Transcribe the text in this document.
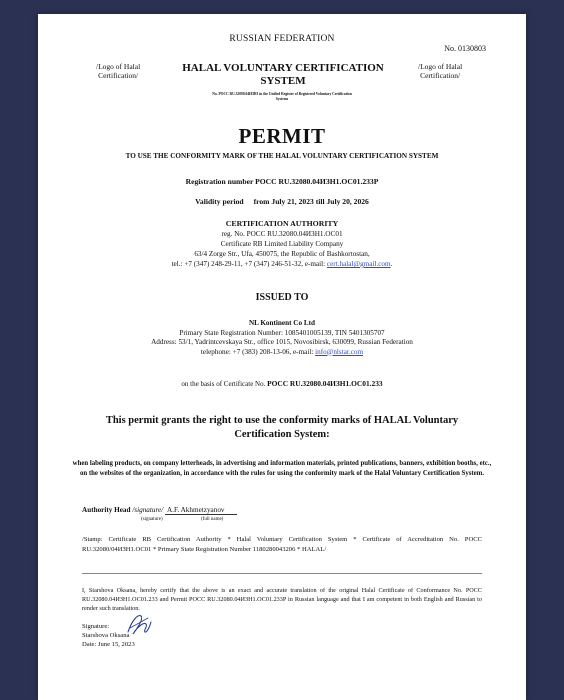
RUSSIAN FEDERATION
No. 0130803
/Logo of Halal
Certification/
HALAL VOLUNTARY CERTIFICATION
SYSTEM
/Logo of Halal
Certification/
No. POCC RU.32080.04ИЗН1 in the Unified Register of Registered Voluntary Certification
Systems
PERMIT
TO USE THE CONFORMITY MARK OF THE HALAL VOLUNTARY CERTIFICATION SYSTEM
Registration number POCC RU.32080.04ИЗН1.ОС01.233P
Validity period from July 21, 2023 till July 20, 2026
CERTIFICATION AUTHORITY
reg. No. POCC RU.32080.04ИЗН1.ОС01
Certificate RB Limited Liability Company
63/4 Zorge Str., Ufa, 450075, the Republic of Bashkortostan,
tel.: +7 (347) 248-29-11, +7 (347) 246-51-32, e-mail: cert.halal@gmail.com.
ISSUED TO
NL Kontinent Co Ltd
Primary State Registration Number: 1085401005139, TIN 5401305707
Address: 53/1, Yadrintcevskaya Str., office 1015, Novosibirsk, 630099, Russian Federation
telephone: +7 (383) 208-13-06, e-mail: info@nlstar.com
on the basis of Certificate No. POCC RU.32080.04ИЗН1.ОС01.233
This permit grants the right to use the conformity marks of HALAL Voluntary Certification System:
when labeling products, on company letterheads, in advertising and information materials, printed publications, banners, exhibition booths, etc., on the websites of the organization, in accordance with the rules for using the conformity mark of the Halal Voluntary Certification System.
Authority Head /signature/ A.F. Akhmetzyanov
(signature)	(full name)
/Stamp: Certificate RB Certification Authority * Halal Voluntary Certification System * Certificate of Accreditation No. POCC RU.32080/04ИЗН1.ОС01 * Primary State Registration Number 1180280043206 * HALAL/
I, Starshova Oksana, hereby certify that the above is an exact and accurate translation of the original Halal Certificate of Conformance No. POCC RU.32080.04ИЗН1.ОС01.233 and Permit POCC RU.32080.04ИЗН1.ОС01.233P in Russian language and that I am competent in both English and Russian to render such translation.
Signature:
Starshova Oksana
Date: June 15, 2023
